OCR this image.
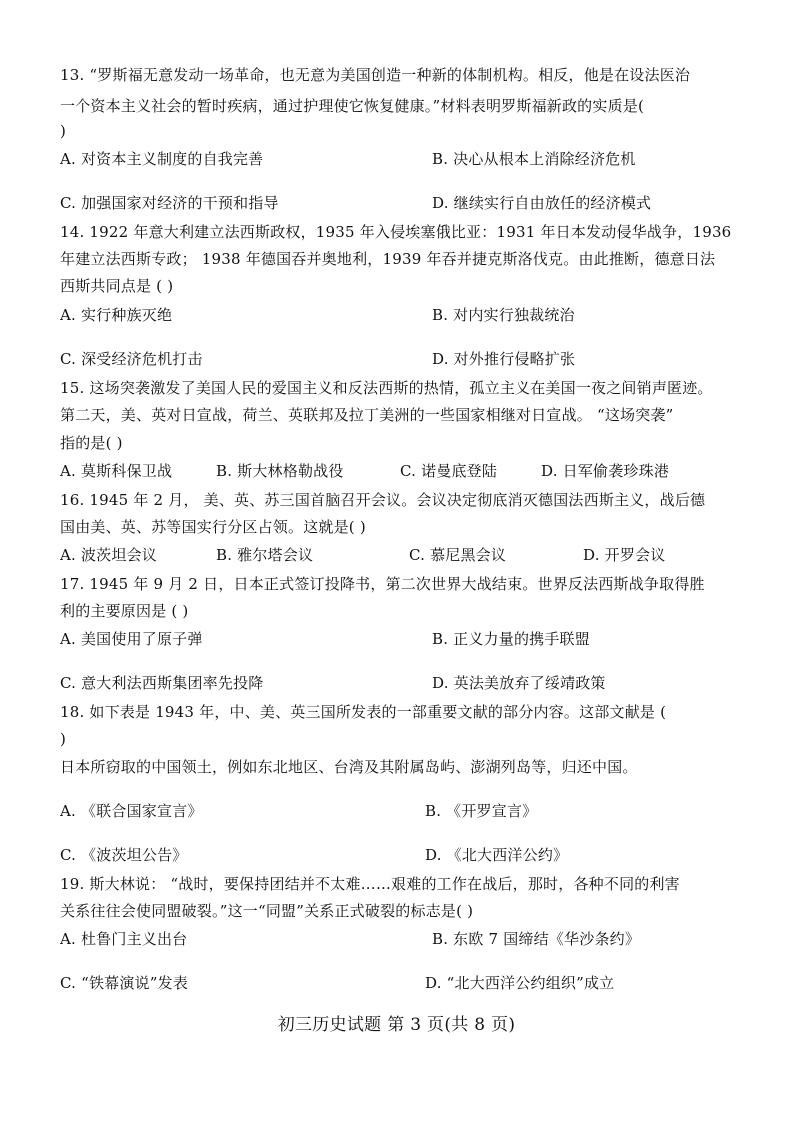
13. “罗斯福无意发动一场革命，也无意为美国创造一种新的体制机构。相反，他是在设法医治
一个资本主义社会的暂时疾病，通过护理使它恢复健康。”材料表明罗斯福新政的实质是(
)
A. 对资本主义制度的自我完善	B. 决心从根本上消除经济危机
C. 加强国家对经济的干预和指导	D. 继续实行自由放任的经济模式
14. 1922 年意大利建立法西斯政权，1935 年入侵埃塞俄比亚：1931 年日本发动侵华战争，1936
年建立法西斯专政； 1938 年德国吞并奥地利，1939 年吞并捷克斯洛伐克。由此推断，德意日法
西斯共同点是 ( )
A. 实行种族灭绝	B. 对内实行独裁统治
C. 深受经济危机打击	D. 对外推行侵略扩张
15. 这场突袭激发了美国人民的爱国主义和反法西斯的热情，孤立主义在美国一夜之间销声匿迹。
第二天，美、英对日宣战，荷兰、英联邦及拉丁美洲的一些国家相继对日宣战。 “这场突袭”
指的是( )
A. 莫斯科保卫战	B. 斯大林格勒战役	C. 诺曼底登陆	D. 日军偷袭珍珠港
16. 1945 年 2 月， 美、英、苏三国首脑召开会议。会议决定彻底消灭德国法西斯主义，战后德
国由美、英、苏等国实行分区占领。这就是( )
A. 波茨坦会议	B. 雅尔塔会议	C. 慕尼黑会议	D. 开罗会议
17. 1945 年 9 月 2 日，日本正式签订投降书，第二次世界大战结束。世界反法西斯战争取得胜
利的主要原因是 ( )
A. 美国使用了原子弹	B. 正义力量的携手联盟
C. 意大利法西斯集团率先投降	D. 英法美放弃了绥靖政策
18. 如下表是 1943 年，中、美、英三国所发表的一部重要文献的部分内容。这部文献是 (
)
日本所窃取的中国领土，例如东北地区、台湾及其附属岛屿、澎湖列岛等，归还中国。
A. 《联合国家宣言》	B. 《开罗宣言》
C. 《波茨坦公告》	D. 《北大西洋公约》
19. 斯大林说： “战时，要保持团结并不太难……艰难的工作在战后，那时，各种不同的利害
关系往往会使同盟破裂。”这一“同盟”关系正式破裂的标志是( )
A. 杜鲁门主义出台	B. 东欧 7 国缔结《华沙条约》
C. “铁幕演说”发表	D. “北大西洋公约组织”成立
初三历史试题 第 3 页(共 8 页)
